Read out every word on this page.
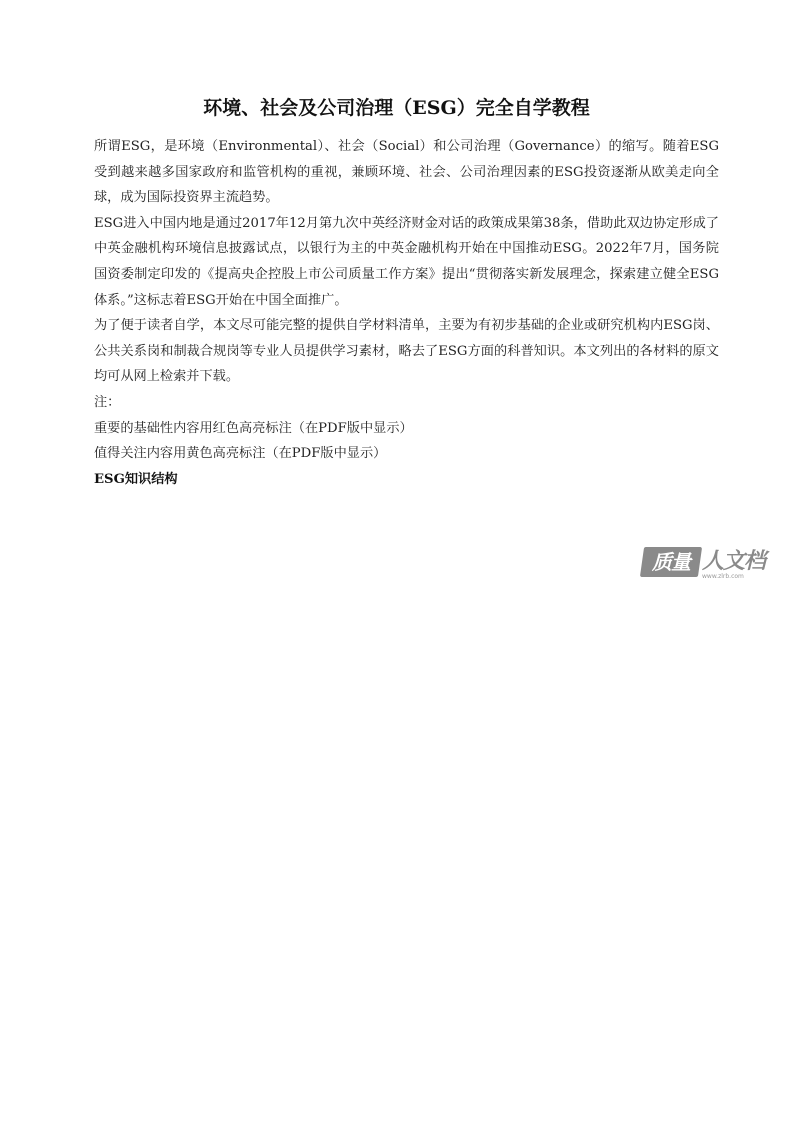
环境、社会及公司治理（ESG）完全自学教程

所谓ESG，是环境（Environmental）、社会（Social）和公司治理（Governance）的缩写。随着ESG受到越来越多国家政府和监管机构的重视，兼顾环境、社会、公司治理因素的ESG投资逐渐从欧美走向全球，成为国际投资界主流趋势。

ESG进入中国内地是通过2017年12月第九次中英经济财金对话的政策成果第38条，借助此双边协定形成了中英金融机构环境信息披露试点，以银行为主的中英金融机构开始在中国推动ESG。2022年7月，国务院国资委制定印发的《提高央企控股上市公司质量工作方案》提出“贯彻落实新发展理念，探索建立健全ESG体系。”这标志着ESG开始在中国全面推广。

为了便于读者自学，本文尽可能完整的提供自学材料清单，主要为有初步基础的企业或研究机构内ESG岗、公共关系岗和制裁合规岗等专业人员提供学习素材，略去了ESG方面的科普知识。本文列出的各材料的原文均可从网上检索并下载。

注：

重要的基础性内容用红色高亮标注（在PDF版中显示）

值得关注内容用黄色高亮标注（在PDF版中显示）

ESG知识结构

质量 人文档
www.zlrb.com
